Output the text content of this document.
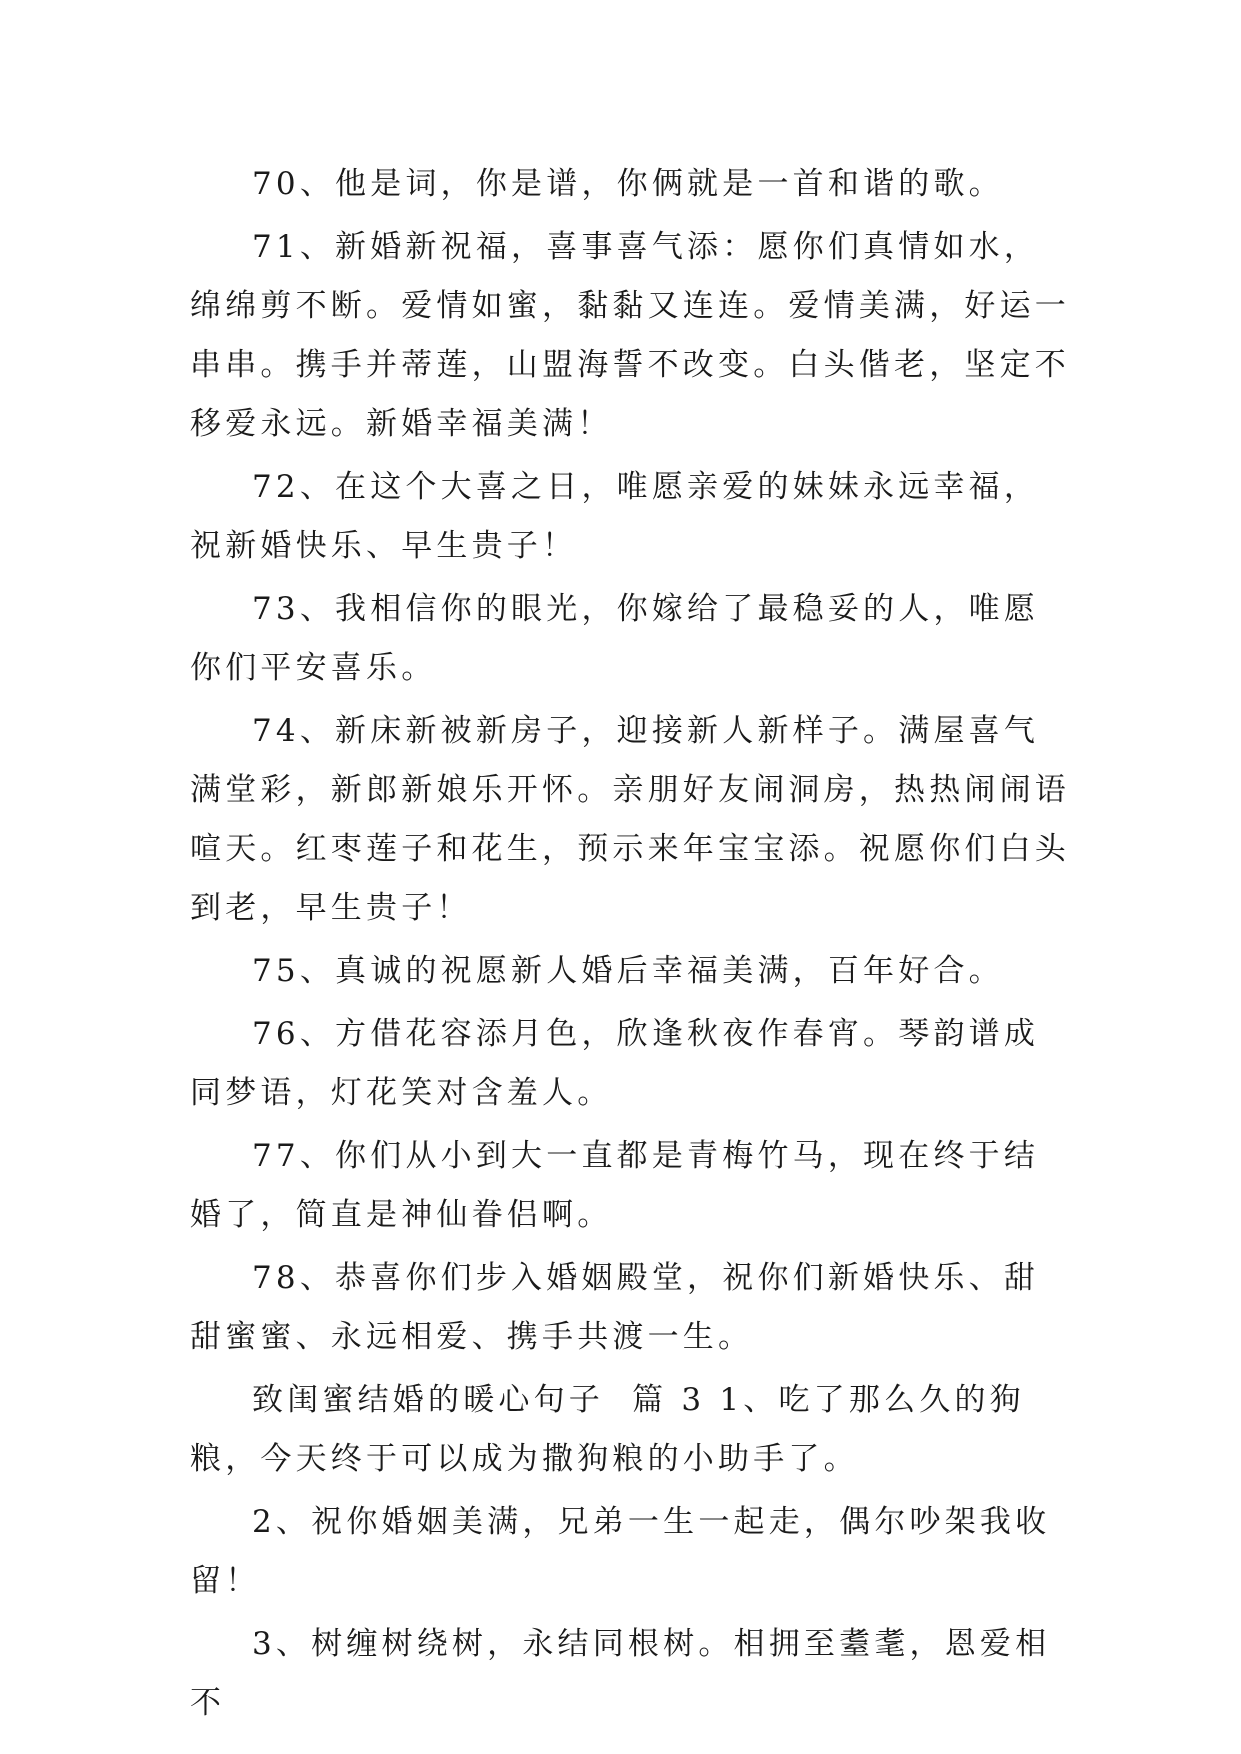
70、他是词，你是谱，你俩就是一首和谐的歌。

71、新婚新祝福，喜事喜气添：愿你们真情如水，绵绵剪不断。爱情如蜜，黏黏又连连。爱情美满，好运一串串。携手并蒂莲，山盟海誓不改变。白头偕老，坚定不移爱永远。新婚幸福美满！

72、在这个大喜之日，唯愿亲爱的妹妹永远幸福，祝新婚快乐、早生贵子！

73、我相信你的眼光，你嫁给了最稳妥的人，唯愿你们平安喜乐。

74、新床新被新房子，迎接新人新样子。满屋喜气满堂彩，新郎新娘乐开怀。亲朋好友闹洞房，热热闹闹语喧天。红枣莲子和花生，预示来年宝宝添。祝愿你们白头到老，早生贵子！

75、真诚的祝愿新人婚后幸福美满，百年好合。

76、方借花容添月色，欣逢秋夜作春宵。琴韵谱成同梦语，灯花笑对含羞人。

77、你们从小到大一直都是青梅竹马，现在终于结婚了，简直是神仙眷侣啊。

78、恭喜你们步入婚姻殿堂，祝你们新婚快乐、甜甜蜜蜜、永远相爱、携手共渡一生。

致闺蜜结婚的暖心句子  篇 3 1、吃了那么久的狗粮，今天终于可以成为撒狗粮的小助手了。

2、祝你婚姻美满，兄弟一生一起走，偶尔吵架我收留！

3、树缠树绕树，永结同根树。相拥至耋耄，恩爱相不
